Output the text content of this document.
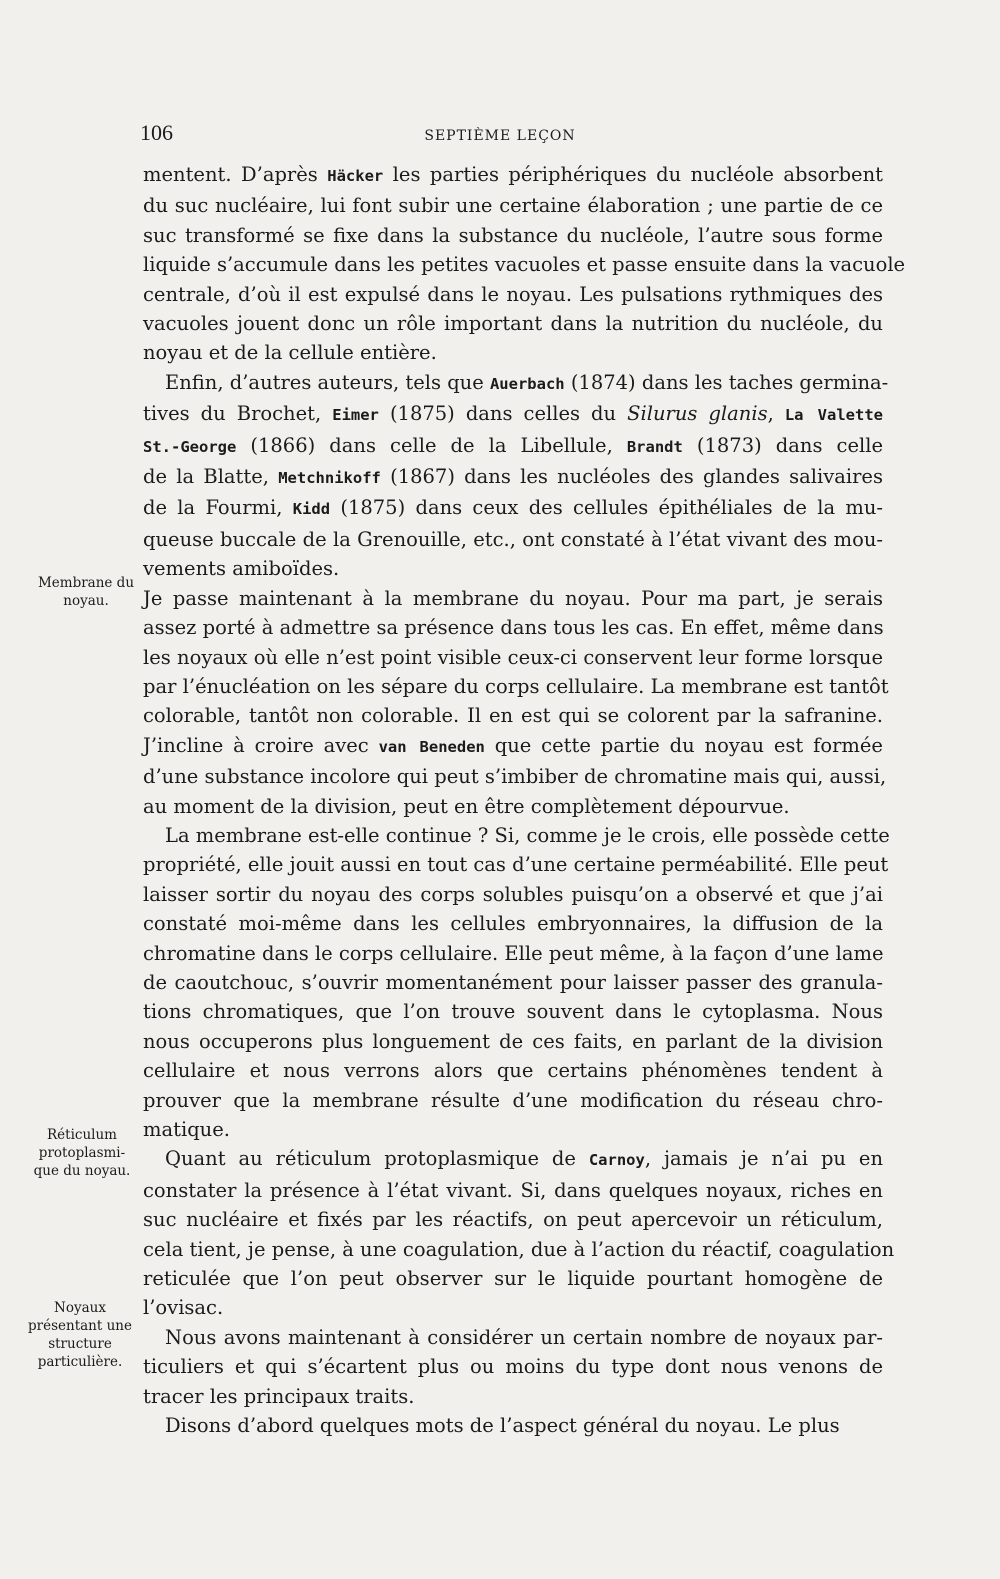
106	SEPTIÈME LEÇON
Membrane du
noyau.
Réticulum
protoplasmi-
que du noyau.
Noyaux
présentant une
structure
particulière.

mentent. D’après Häcker les parties périphériques du nucléole absorbent
du suc nucléaire, lui font subir une certaine élaboration ; une partie de ce
suc transformé se fixe dans la substance du nucléole, l’autre sous forme
liquide s’accumule dans les petites vacuoles et passe ensuite dans la vacuole
centrale, d’où il est expulsé dans le noyau. Les pulsations rythmiques des
vacuoles jouent donc un rôle important dans la nutrition du nucléole, du
noyau et de la cellule entière.

Enfin, d’autres auteurs, tels que Auerbach (1874) dans les taches germina-
tives du Brochet, Eimer (1875) dans celles du Silurus glanis, La Valette
St.-George (1866) dans celle de la Libellule, Brandt (1873) dans celle
de la Blatte, Metchnikoff (1867) dans les nucléoles des glandes salivaires
de la Fourmi, Kidd (1875) dans ceux des cellules épithéliales de la mu-
queuse buccale de la Grenouille, etc., ont constaté à l’état vivant des mou-
vements amiboïdes.

Je passe maintenant à la membrane du noyau. Pour ma part, je serais
assez porté à admettre sa présence dans tous les cas. En effet, même dans
les noyaux où elle n’est point visible ceux-ci conservent leur forme lorsque
par l’énucléation on les sépare du corps cellulaire. La membrane est tantôt
colorable, tantôt non colorable. Il en est qui se colorent par la safranine.
J’incline à croire avec van Beneden que cette partie du noyau est formée
d’une substance incolore qui peut s’imbiber de chromatine mais qui, aussi,
au moment de la division, peut en être complètement dépourvue.

La membrane est-elle continue ? Si, comme je le crois, elle possède cette
propriété, elle jouit aussi en tout cas d’une certaine perméabilité. Elle peut
laisser sortir du noyau des corps solubles puisqu’on a observé et que j’ai
constaté moi-même dans les cellules embryonnaires, la diffusion de la
chromatine dans le corps cellulaire. Elle peut même, à la façon d’une lame
de caoutchouc, s’ouvrir momentanément pour laisser passer des granula-
tions chromatiques, que l’on trouve souvent dans le cytoplasma. Nous
nous occuperons plus longuement de ces faits, en parlant de la division
cellulaire et nous verrons alors que certains phénomènes tendent à
prouver que la membrane résulte d’une modification du réseau chro-
matique.

Quant au réticulum protoplasmique de Carnoy, jamais je n’ai pu en
constater la présence à l’état vivant. Si, dans quelques noyaux, riches en
suc nucléaire et fixés par les réactifs, on peut apercevoir un réticulum,
cela tient, je pense, à une coagulation, due à l’action du réactif, coagulation
reticulée que l’on peut observer sur le liquide pourtant homogène de
l’ovisac.

Nous avons maintenant à considérer un certain nombre de noyaux par-
ticuliers et qui s’écartent plus ou moins du type dont nous venons de
tracer les principaux traits.

Disons d’abord quelques mots de l’aspect général du noyau. Le plus
